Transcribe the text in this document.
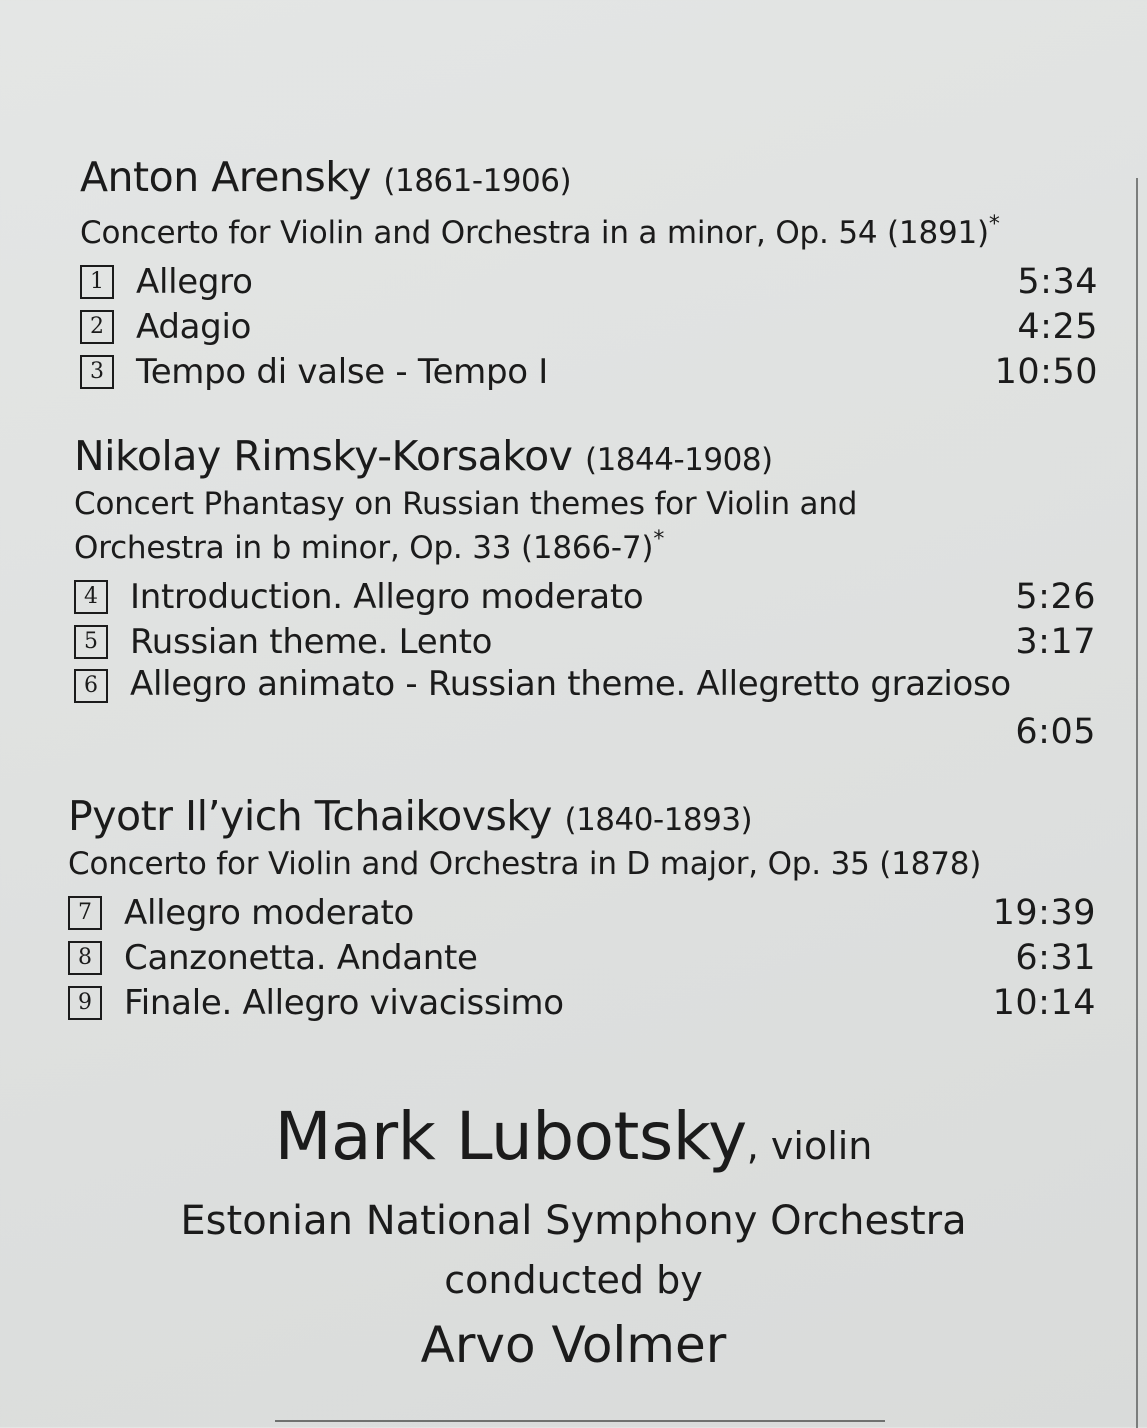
Anton Arensky (1861-1906)
Concerto for Violin and Orchestra in a minor, Op. 54 (1891)*
1 Allegro	5:34
2 Adagio	4:25
3 Tempo di valse - Tempo I	10:50
Nikolay Rimsky-Korsakov (1844-1908)
Concert Phantasy on Russian themes for Violin and
Orchestra in b minor, Op. 33 (1866-7)*
4 Introduction. Allegro moderato	5:26
5 Russian theme. Lento	3:17
6 Allegro animato - Russian theme. Allegretto grazioso
6:05
Pyotr Il’yich Tchaikovsky (1840-1893)
Concerto for Violin and Orchestra in D major, Op. 35 (1878)
7 Allegro moderato	19:39
8 Canzonetta. Andante	6:31
9 Finale. Allegro vivacissimo	10:14
Mark Lubotsky, violin
Estonian National Symphony Orchestra
conducted by
Arvo Volmer
